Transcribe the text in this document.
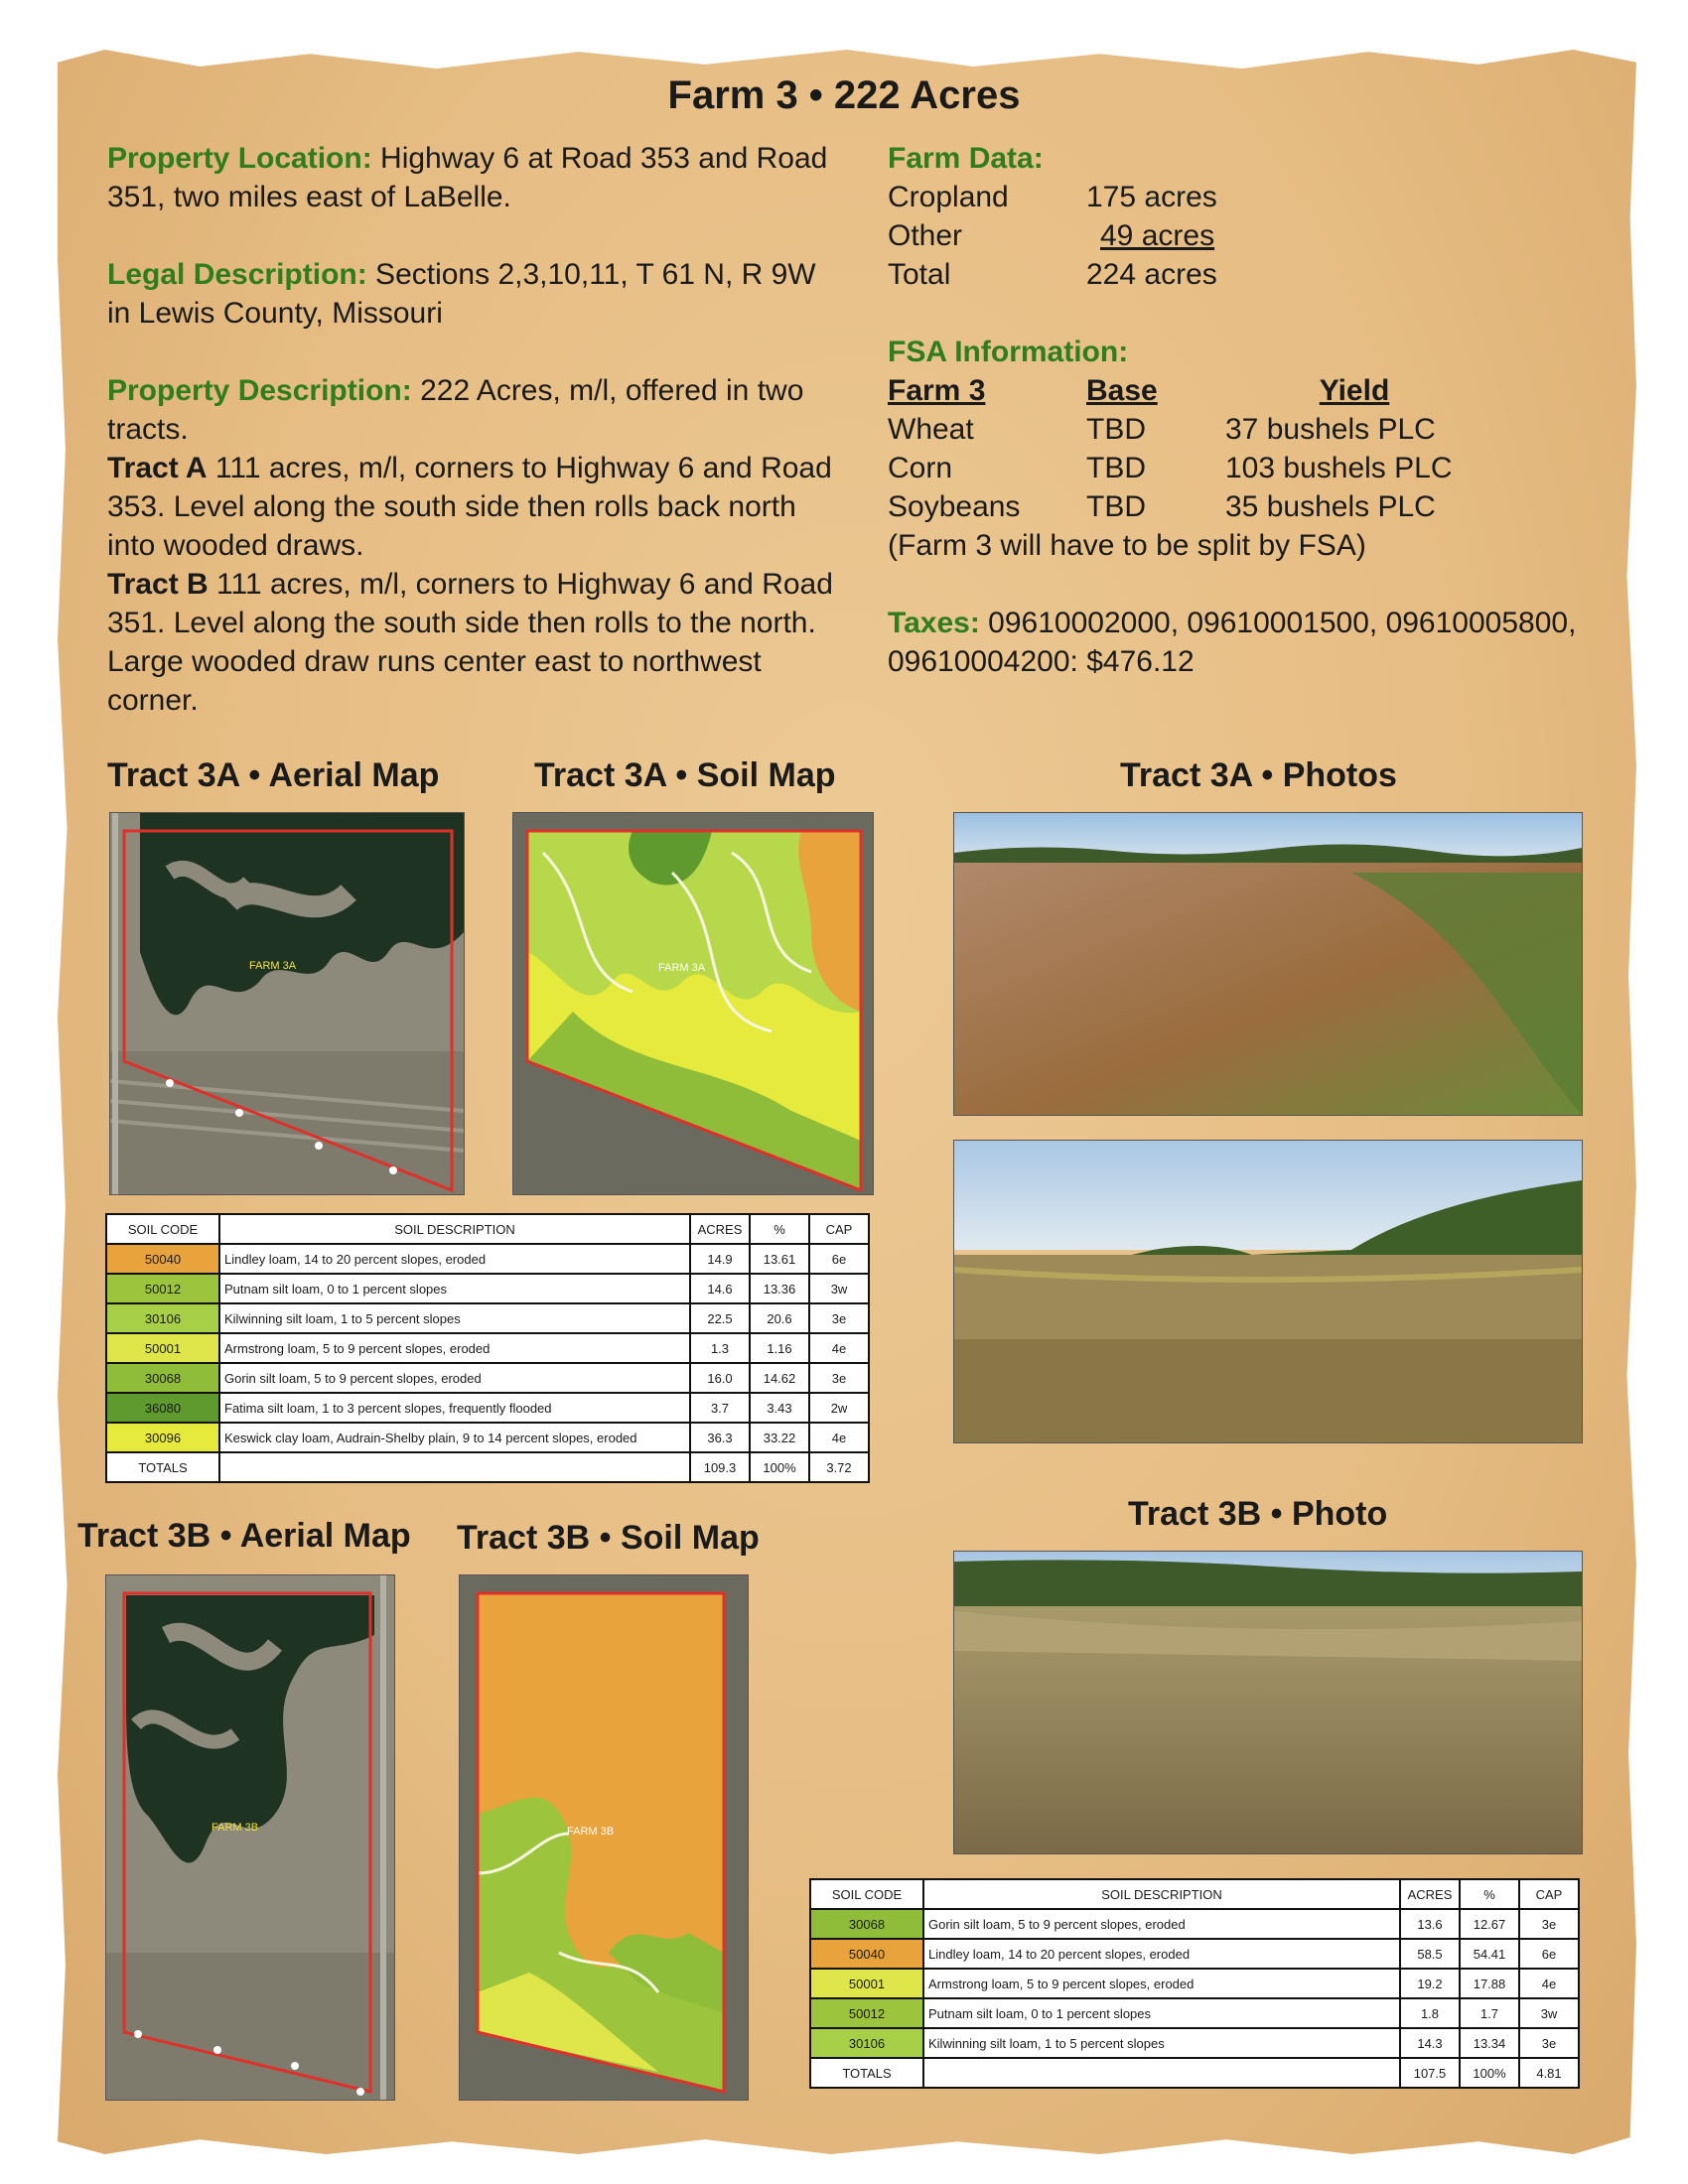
Farm 3 • 222 Acres
Property Location: Highway 6 at Road 353 and Road 351, two miles east of LaBelle.
Legal Description: Sections 2,3,10,11, T 61 N, R 9W in Lewis County, Missouri
Property Description: 222 Acres, m/l, offered in two tracts.
Tract A 111 acres, m/l, corners to Highway 6 and Road 353. Level along the south side then rolls back north into wooded draws.
Tract B 111 acres, m/l, corners to Highway 6 and Road 351. Level along the south side then rolls to the north. Large wooded draw runs center east to northwest corner.
Farm Data:
Cropland	175 acres
Other	49 acres
Total	224 acres
FSA Information:
Farm 3	Base	Yield
Wheat	TBD	37 bushels PLC
Corn	TBD	103 bushels PLC
Soybeans	TBD	35 bushels PLC
(Farm 3 will have to be split by FSA)
Taxes: 09610002000, 09610001500, 09610005800, 09610004200: $476.12
Tract 3A • Aerial Map	Tract 3A • Soil Map	Tract 3A • Photos
Tract 3B • Aerial Map Tract 3B • Soil Map
Tract 3B • Photo
FARM 3A	FARM 3A
SOIL CODE	SOIL DESCRIPTION	ACRES	%	CAP
50040	Lindley loam, 14 to 20 percent slopes, eroded	14.9	13.61	6e
50012	Putnam silt loam, 0 to 1 percent slopes	14.6	13.36	3w
30106	Kilwinning silt loam, 1 to 5 percent slopes	22.5	20.6	3e
50001	Armstrong loam, 5 to 9 percent slopes, eroded	1.3	1.16	4e
30068	Gorin silt loam, 5 to 9 percent slopes, eroded	16.0	14.62	3e
36080	Fatima silt loam, 1 to 3 percent slopes, frequently flooded	3.7	3.43	2w
30096	Keswick clay loam, Audrain-Shelby plain, 9 to 14 percent slopes, eroded	36.3	33.22	4e
TOTALS		109.3	100%	3.72
FARM 3B	FARM 3B
SOIL CODE	SOIL DESCRIPTION	ACRES	%	CAP
30068	Gorin silt loam, 5 to 9 percent slopes, eroded	13.6	12.67	3e
50040	Lindley loam, 14 to 20 percent slopes, eroded	58.5	54.41	6e
50001	Armstrong loam, 5 to 9 percent slopes, eroded	19.2	17.88	4e
50012	Putnam silt loam, 0 to 1 percent slopes	1.8	1.7	3w
30106	Kilwinning silt loam, 1 to 5 percent slopes	14.3	13.34	3e
TOTALS		107.5	100%	4.81
